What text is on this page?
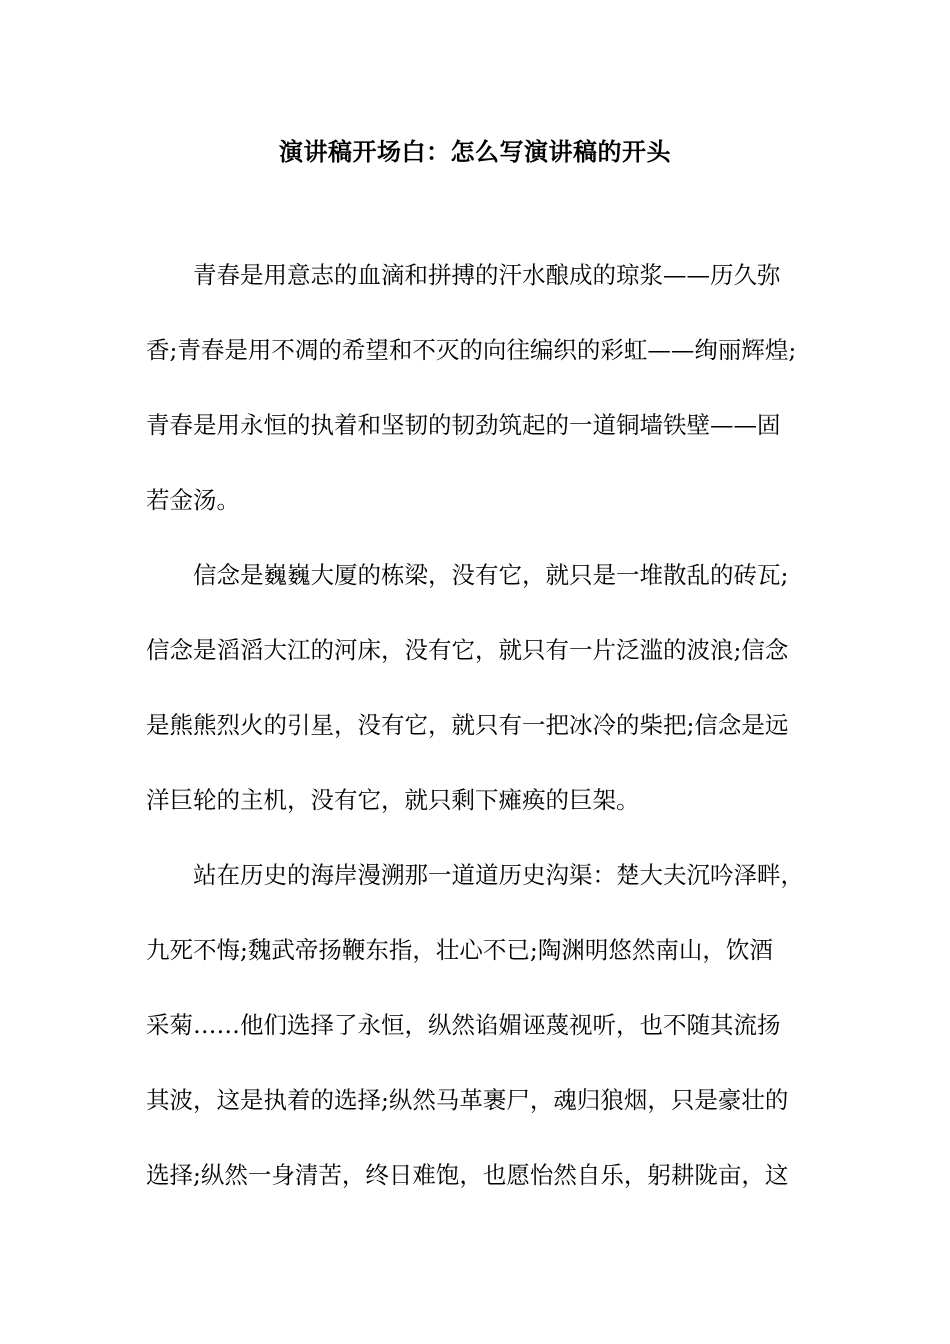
演讲稿开场白：怎么写演讲稿的开头
青春是用意志的血滴和拼搏的汗水酿成的琼浆——历久弥
香;青春是用不凋的希望和不灭的向往编织的彩虹——绚丽辉煌;
青春是用永恒的执着和坚韧的韧劲筑起的一道铜墙铁壁——固
若金汤。
信念是巍巍大厦的栋梁，没有它，就只是一堆散乱的砖瓦;
信念是滔滔大江的河床，没有它，就只有一片泛滥的波浪;信念
是熊熊烈火的引星，没有它，就只有一把冰冷的柴把;信念是远
洋巨轮的主机，没有它，就只剩下瘫痪的巨架。
站在历史的海岸漫溯那一道道历史沟渠：楚大夫沉吟泽畔，
九死不悔;魏武帝扬鞭东指，壮心不已;陶渊明悠然南山，饮酒
采菊……他们选择了永恒，纵然谄媚诬蔑视听，也不随其流扬
其波，这是执着的选择;纵然马革裹尸，魂归狼烟，只是豪壮的
选择;纵然一身清苦，终日难饱，也愿怡然自乐，躬耕陇亩，这
